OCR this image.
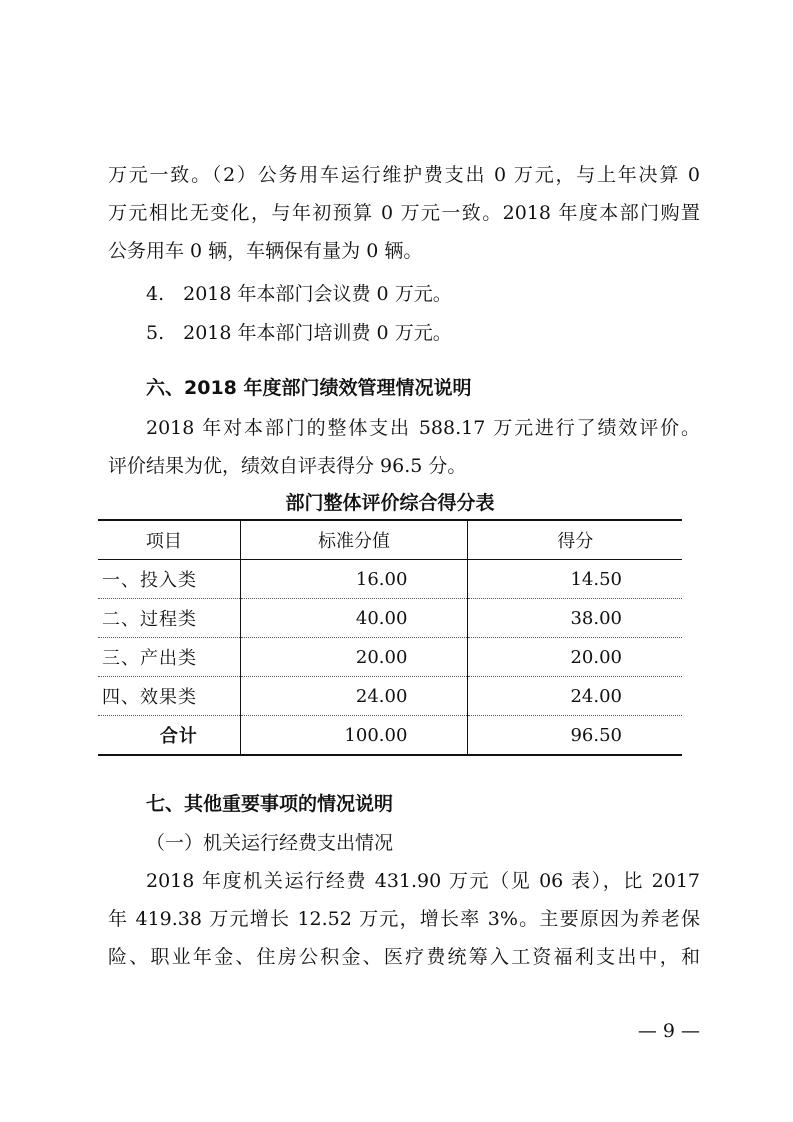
万元一致。（2）公务用车运行维护费支出 0 万元，与上年决算 0
万元相比无变化，与年初预算 0 万元一致。2018 年度本部门购置
公务用车 0 辆，车辆保有量为 0 辆。
4.　2018 年本部门会议费 0 万元。
5.　2018 年本部门培训费 0 万元。
六、2018 年度部门绩效管理情况说明
2018 年对本部门的整体支出 588.17 万元进行了绩效评价。
评价结果为优，绩效自评表得分 96.5 分。
部门整体评价综合得分表
项目	标准分值	得分
一、投入类	16.00	14.50
二、过程类	40.00	38.00
三、产出类	20.00	20.00
四、效果类	24.00	24.00
合计	100.00	96.50
七、其他重要事项的情况说明
（一）机关运行经费支出情况
2018 年度机关运行经费 431.90 万元（见 06 表），比 2017
年 419.38 万元增长 12.52 万元，增长率 3%。主要原因为养老保
险、职业年金、住房公积金、医疗费统筹入工资福利支出中，和
— 9 —
